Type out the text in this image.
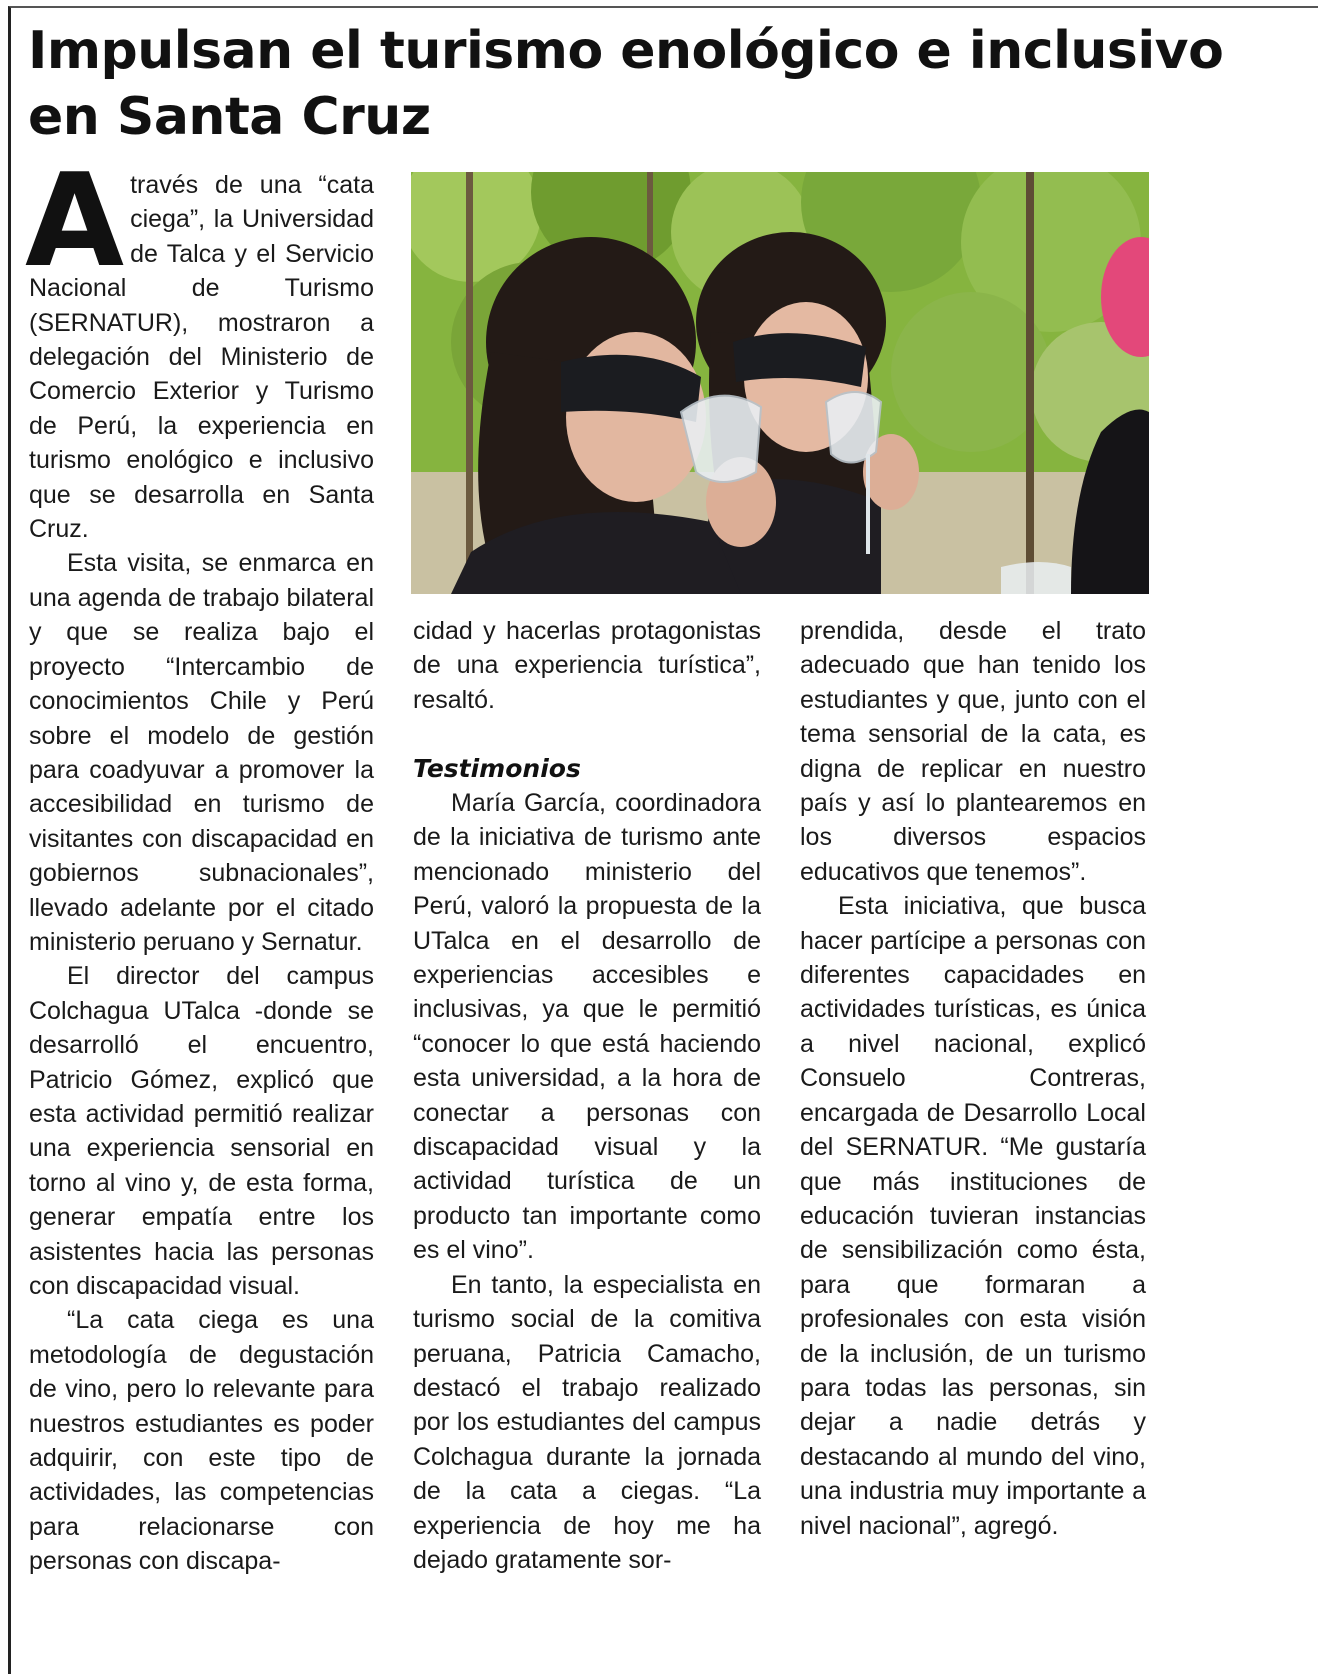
Impulsan el turismo enológico e inclusivo en Santa Cruz
A través de una “cata ciega”, la Universidad de Talca y el Servicio Nacional de Turismo (SERNATUR), mostraron a delegación del Ministerio de Comercio Exterior y Turismo de Perú, la experiencia en turismo enológico e inclusivo que se desarrolla en Santa Cruz.

Esta visita, se enmarca en una agenda de trabajo bilateral y que se realiza bajo el proyecto “Intercambio de conocimientos Chile y Perú sobre el modelo de gestión para coadyuvar a promover la accesibilidad en turismo de visitantes con discapacidad en gobiernos subnacionales”, llevado adelante por el citado ministerio peruano y Sernatur.

El director del campus Colchagua UTalca -donde se desarrolló el encuentro, Patricio Gómez, explicó que esta actividad permitió realizar una experiencia sensorial en torno al vino y, de esta forma, generar empatía entre los asistentes hacia las personas con discapacidad visual.

“La cata ciega es una metodología de degustación de vino, pero lo relevante para nuestros estudiantes es poder adquirir, con este tipo de actividades, las competencias para relacionarse con personas con discapa-

cidad y hacerlas protagonistas de una experiencia turística”, resaltó.

Testimonios

María García, coordinadora de la iniciativa de turismo ante mencionado ministerio del Perú, valoró la propuesta de la UTalca en el desarrollo de experiencias accesibles e inclusivas, ya que le permitió “conocer lo que está haciendo esta universidad, a la hora de conectar a personas con discapacidad visual y la actividad turística de un producto tan importante como es el vino”.

En tanto, la especialista en turismo social de la comitiva peruana, Patricia Camacho, destacó el trabajo realizado por los estudiantes del campus Colchagua durante la jornada de la cata a ciegas. “La experiencia de hoy me ha dejado gratamente sor-

prendida, desde el trato adecuado que han tenido los estudiantes y que, junto con el tema sensorial de la cata, es digna de replicar en nuestro país y así lo plantearemos en los diversos espacios educativos que tenemos”.

Esta iniciativa, que busca hacer partícipe a personas con diferentes capacidades en actividades turísticas, es única a nivel nacional, explicó Consuelo Contreras, encargada de Desarrollo Local del SERNATUR. “Me gustaría que más instituciones de educación tuvieran instancias de sensibilización como ésta, para que formaran a profesionales con esta visión de la inclusión, de un turismo para todas las personas, sin dejar a nadie detrás y destacando al mundo del vino, una industria muy importante a nivel nacional”, agregó.
